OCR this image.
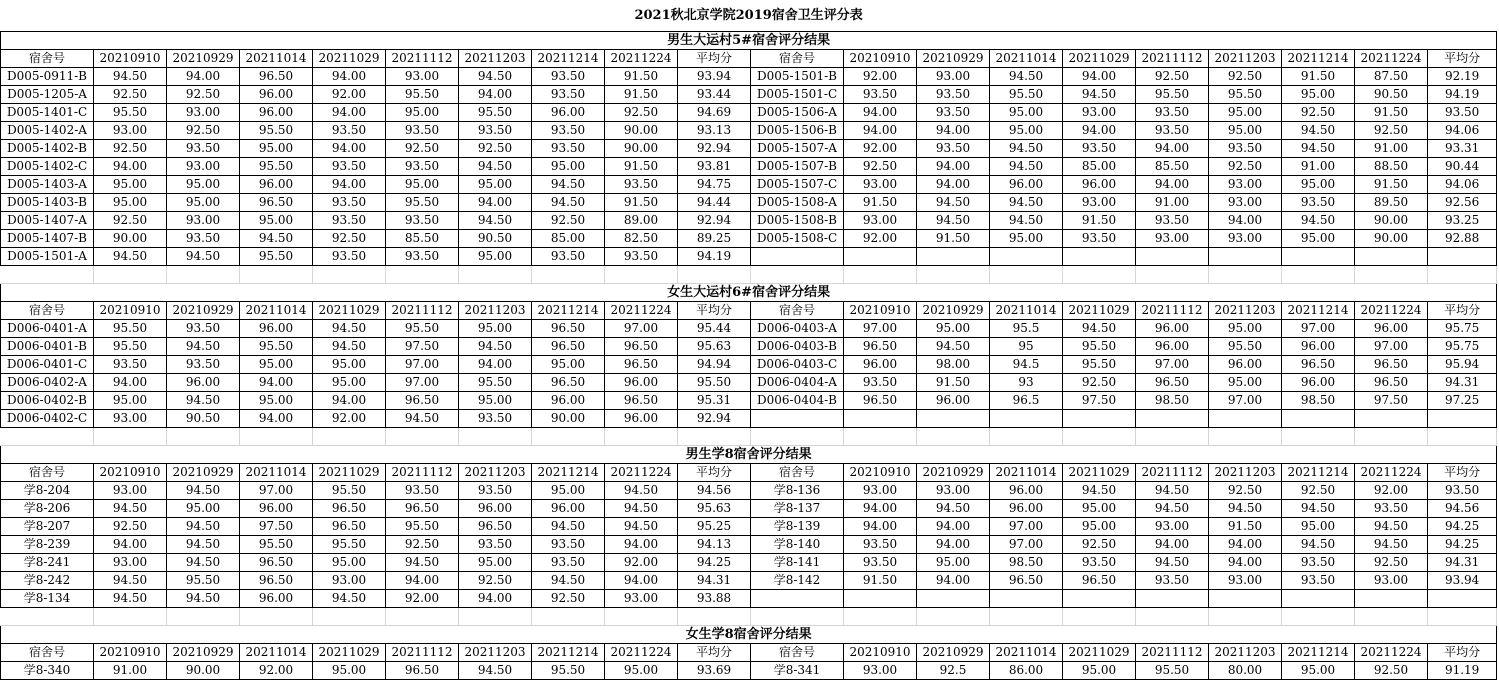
2021秋北京学院2019宿舍卫生评分表																			
男生大运村5#宿舍评分结果																			
宿舍号	20210910	20210929	20211014	20211029	20211112	20211203	20211214	20211224	平均分	宿舍号	20210910	20210929	20211014	20211029	20211112	20211203	20211214	20211224	平均分
D005-0911-B	94.50	94.00	96.50	94.00	93.00	94.50	93.50	91.50	93.94	D005-1501-B	92.00	93.00	94.50	94.00	92.50	92.50	91.50	87.50	92.19
D005-1205-A	92.50	92.50	96.00	92.00	95.50	94.00	93.50	91.50	93.44	D005-1501-C	93.50	93.50	95.50	94.50	95.50	95.50	95.00	90.50	94.19
D005-1401-C	95.50	93.00	96.00	94.00	95.00	95.50	96.00	92.50	94.69	D005-1506-A	94.00	93.50	95.00	93.00	93.50	95.00	92.50	91.50	93.50
D005-1402-A	93.00	92.50	95.50	93.50	93.50	93.50	93.50	90.00	93.13	D005-1506-B	94.00	94.00	95.00	94.00	93.50	95.00	94.50	92.50	94.06
D005-1402-B	92.50	93.50	95.00	94.00	92.50	92.50	93.50	90.00	92.94	D005-1507-A	92.00	93.50	94.50	93.50	94.00	93.50	94.50	91.00	93.31
D005-1402-C	94.00	93.00	95.50	93.50	93.50	94.50	95.00	91.50	93.81	D005-1507-B	92.50	94.00	94.50	85.00	85.50	92.50	91.00	88.50	90.44
D005-1403-A	95.00	95.00	96.00	94.00	95.00	95.00	94.50	93.50	94.75	D005-1507-C	93.00	94.00	96.00	96.00	94.00	93.00	95.00	91.50	94.06
D005-1403-B	95.00	95.00	96.50	93.50	95.50	94.00	94.50	91.50	94.44	D005-1508-A	91.50	94.50	94.50	93.00	91.00	93.00	93.50	89.50	92.56
D005-1407-A	92.50	93.00	95.00	93.50	93.50	94.50	92.50	89.00	92.94	D005-1508-B	93.00	94.50	94.50	91.50	93.50	94.00	94.50	90.00	93.25
D005-1407-B	90.00	93.50	94.50	92.50	85.50	90.50	85.00	82.50	89.25	D005-1508-C	92.00	91.50	95.00	93.50	93.00	93.00	95.00	90.00	92.88
D005-1501-A	94.50	94.50	95.50	93.50	93.50	95.00	93.50	93.50	94.19										

女生大运村6#宿舍评分结果																			
宿舍号	20210910	20210929	20211014	20211029	20211112	20211203	20211214	20211224	平均分	宿舍号	20210910	20210929	20211014	20211029	20211112	20211203	20211214	20211224	平均分
D006-0401-A	95.50	93.50	96.00	94.50	95.50	95.00	96.50	97.00	95.44	D006-0403-A	97.00	95.00	95.5	94.50	96.00	95.00	97.00	96.00	95.75
D006-0401-B	95.50	94.50	95.50	94.50	97.50	94.50	96.50	96.50	95.63	D006-0403-B	96.50	94.50	95	95.50	96.00	95.50	96.00	97.00	95.75
D006-0401-C	93.50	93.50	95.00	95.00	97.00	94.00	95.00	96.50	94.94	D006-0403-C	96.00	98.00	94.5	95.50	97.00	96.00	96.50	96.50	95.94
D006-0402-A	94.00	96.00	94.00	95.00	97.00	95.50	96.50	96.00	95.50	D006-0404-A	93.50	91.50	93	92.50	96.50	95.00	96.00	96.50	94.31
D006-0402-B	95.00	94.50	95.00	94.00	96.50	95.00	96.00	96.50	95.31	D006-0404-B	96.50	96.00	96.5	97.50	98.50	97.00	98.50	97.50	97.25
D006-0402-C	93.00	90.50	94.00	92.00	94.50	93.50	90.00	96.00	92.94										

男生学8宿舍评分结果																			
宿舍号	20210910	20210929	20211014	20211029	20211112	20211203	20211214	20211224	平均分	宿舍号	20210910	20210929	20211014	20211029	20211112	20211203	20211214	20211224	平均分
学8-204	93.00	94.50	97.00	95.50	93.50	93.50	95.00	94.50	94.56	学8-136	93.00	93.00	96.00	94.50	94.50	92.50	92.50	92.00	93.50
学8-206	94.50	95.00	96.00	96.50	96.50	96.00	96.00	94.50	95.63	学8-137	94.00	94.50	96.00	95.00	94.50	94.50	94.50	93.50	94.56
学8-207	92.50	94.50	97.50	96.50	95.50	96.50	94.50	94.50	95.25	学8-139	94.00	94.00	97.00	95.00	93.00	91.50	95.00	94.50	94.25
学8-239	94.00	94.50	95.50	95.50	92.50	93.50	93.50	94.00	94.13	学8-140	93.50	94.00	97.00	92.50	94.00	94.00	94.50	94.50	94.25
学8-241	93.00	94.50	96.50	95.00	94.50	95.00	93.50	92.00	94.25	学8-141	93.50	95.00	98.50	93.50	94.50	94.00	93.50	92.50	94.31
学8-242	94.50	95.50	96.50	93.00	94.00	92.50	94.50	94.00	94.31	学8-142	91.50	94.00	96.50	96.50	93.50	93.00	93.50	93.00	93.94
学8-134	94.50	94.50	96.00	94.50	92.00	94.00	92.50	93.00	93.88										

女生学8宿舍评分结果																			
宿舍号	20210910	20210929	20211014	20211029	20211112	20211203	20211214	20211224	平均分	宿舍号	20210910	20210929	20211014	20211029	20211112	20211203	20211214	20211224	平均分
学8-340	91.00	90.00	92.00	95.00	96.50	94.50	95.50	95.00	93.69	学8-341	93.00	92.5	86.00	95.00	95.50	80.00	95.00	92.50	91.19
